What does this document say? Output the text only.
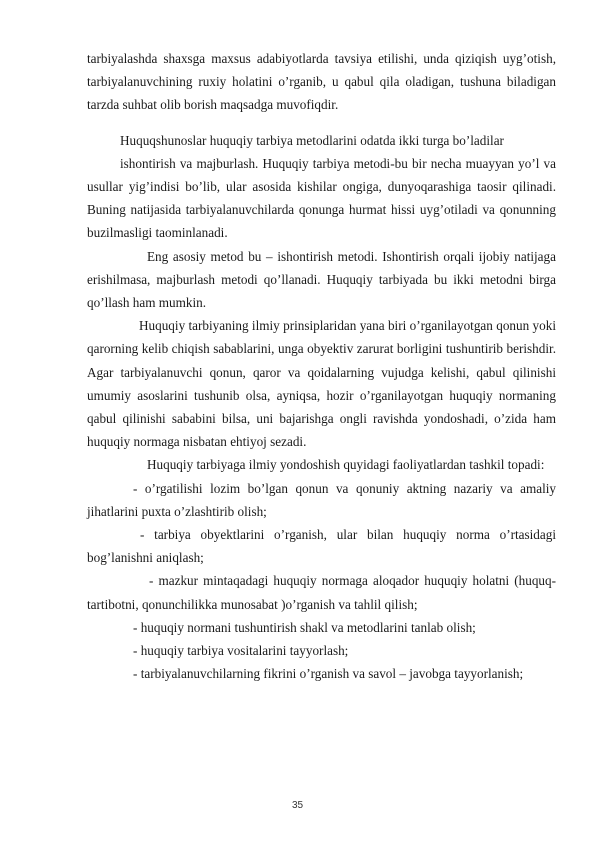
tarbiyalashda shaxsga maxsus adabiyotlarda tavsiya etilishi, unda qiziqish uyg’otish, tarbiyalanuvchining ruxiy holatini o’rganib, u qabul qila oladigan, tushuna biladigan tarzda suhbat olib borish maqsadga muvofiqdir.

Huquqshunoslar huquqiy tarbiya metodlarini odatda ikki turga bo’ladilar

ishontirish va majburlash. Huquqiy tarbiya metodi-bu bir necha muayyan yo’l va usullar yig’indisi bo’lib, ular asosida kishilar ongiga, dunyoqarashiga taosir qilinadi. Buning natijasida tarbiyalanuvchilarda qonunga hurmat hissi uyg’otiladi va qonunning buzilmasligi taominlanadi.

Eng asosiy metod bu – ishontirish metodi. Ishontirish orqali ijobiy natijaga erishilmasa, majburlash metodi qo’llanadi. Huquqiy tarbiyada bu ikki metodni birga qo’llash ham mumkin.

Huquqiy tarbiyaning ilmiy prinsiplaridan yana biri o’rganilayotgan qonun yoki qarorning kelib chiqish sabablarini, unga obyektiv zarurat borligini tushuntirib berishdir. Agar tarbiyalanuvchi qonun, qaror va qoidalarning vujudga kelishi, qabul qilinishi umumiy asoslarini tushunib olsa, ayniqsa, hozir o’rganilayotgan huquqiy normaning qabul qilinishi sababini bilsa, uni bajarishga ongli ravishda yondoshadi, o’zida ham huquqiy normaga nisbatan ehtiyoj sezadi.

Huquqiy tarbiyaga ilmiy yondoshish quyidagi faoliyatlardan tashkil topadi:

- o’rgatilishi lozim bo’lgan qonun va qonuniy aktning nazariy va amaliy jihatlarini puxta o’zlashtirib olish;

- tarbiya obyektlarini o’rganish, ular bilan huquqiy norma o’rtasidagi bog’lanishni aniqlash;

- mazkur mintaqadagi huquqiy normaga aloqador huquqiy holatni (huquq-tartibotni, qonunchilikka munosabat )o’rganish va tahlil qilish;

- huquqiy normani tushuntirish shakl va metodlarini tanlab olish;

- huquqiy tarbiya vositalarini tayyorlash;

- tarbiyalanuvchilarning fikrini o’rganish va savol – javobga tayyorlanish;

35
